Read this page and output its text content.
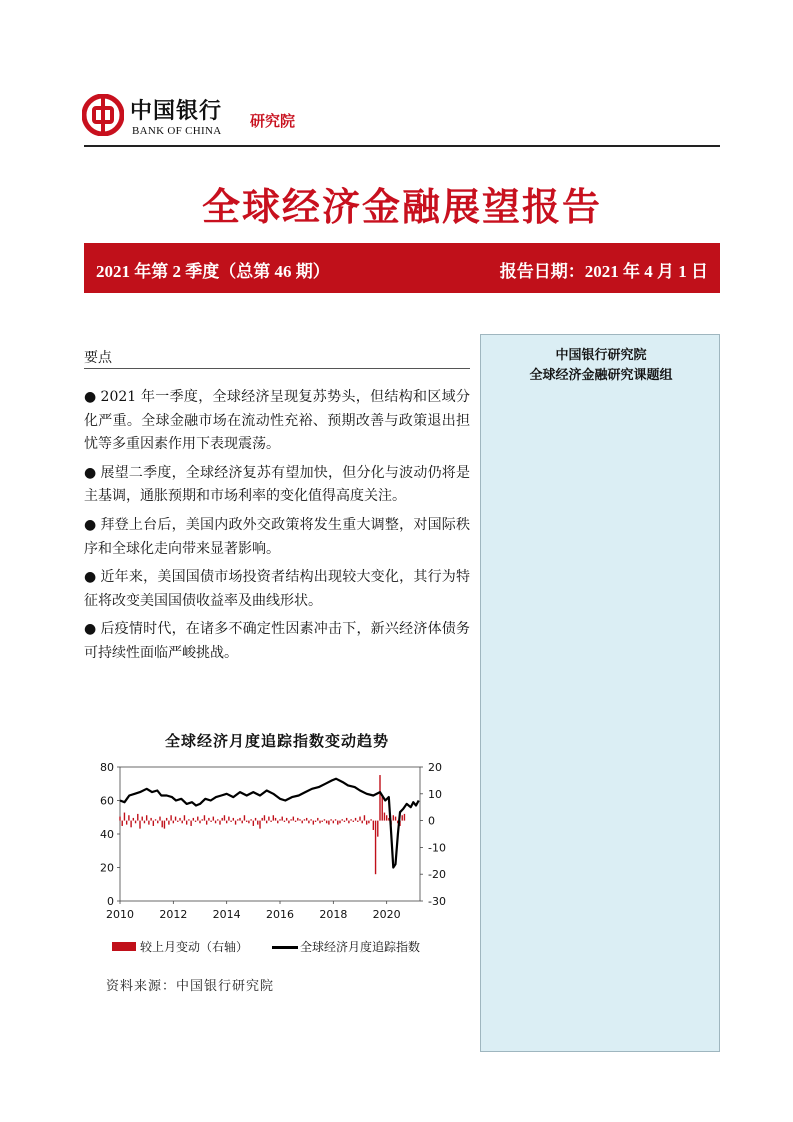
中国银行
BANK OF CHINA
研究院
全球经济金融展望报告
2021 年第 2 季度（总第 46 期）	报告日期：2021 年 4 月 1 日
要点
● 2021 年一季度，全球经济呈现复苏势头，但结构和区域分化严重。全球金融市场在流动性充裕、预期改善与政策退出担忧等多重因素作用下表现震荡。
● 展望二季度，全球经济复苏有望加快，但分化与波动仍将是主基调，通胀预期和市场利率的变化值得高度关注。
● 拜登上台后，美国内政外交政策将发生重大调整，对国际秩序和全球化走向带来显著影响。
● 近年来，美国国债市场投资者结构出现较大变化，其行为特征将改变美国国债收益率及曲线形状。
● 后疫情时代，在诸多不确定性因素冲击下，新兴经济体债务可持续性面临严峻挑战。
中国银行研究院
全球经济金融研究课题组
全球经济月度追踪指数变动趋势
0
20
40
60
80	20
10
0
-10
-20
-30
2010 2012 2014 2016 2018 2020
较上月变动（右轴）	全球经济月度追踪指数
资料来源：中国银行研究院
